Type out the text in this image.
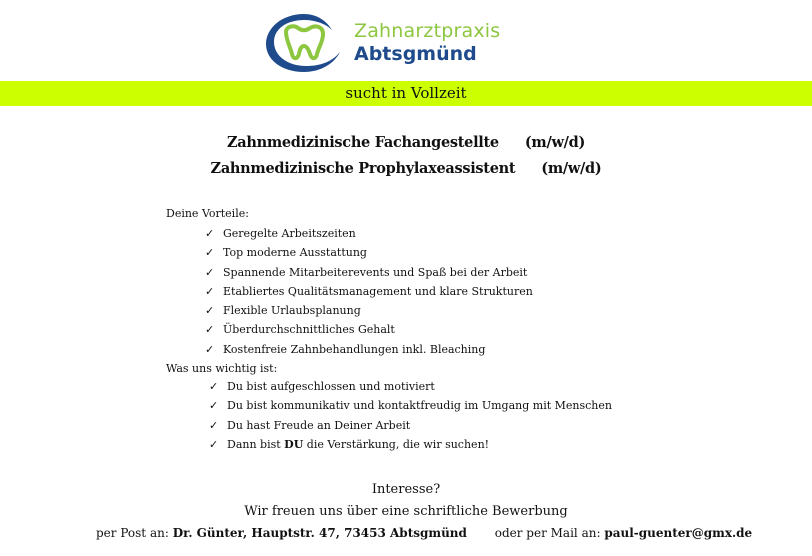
Zahnarztpraxis
Abtsgmünd
sucht in Vollzeit
Zahnmedizinische Fachangestellte (m/w/d)
Zahnmedizinische Prophylaxeassistent (m/w/d)
Deine Vorteile:
✓ Geregelte Arbeitszeiten
✓ Top moderne Ausstattung
✓ Spannende Mitarbeiterevents und Spaß bei der Arbeit
✓ Etabliertes Qualitätsmanagement und klare Strukturen
✓ Flexible Urlaubsplanung
✓ Überdurchschnittliches Gehalt
✓ Kostenfreie Zahnbehandlungen inkl. Bleaching
Was uns wichtig ist:
✓ Du bist aufgeschlossen und motiviert
✓ Du bist kommunikativ und kontaktfreudig im Umgang mit Menschen
✓ Du hast Freude an Deiner Arbeit
✓ Dann bist DU die Verstärkung, die wir suchen!
Interesse?
Wir freuen uns über eine schriftliche Bewerbung
per Post an: Dr. Günter, Hauptstr. 47, 73453 Abtsgmünd oder per Mail an: paul-guenter@gmx.de
